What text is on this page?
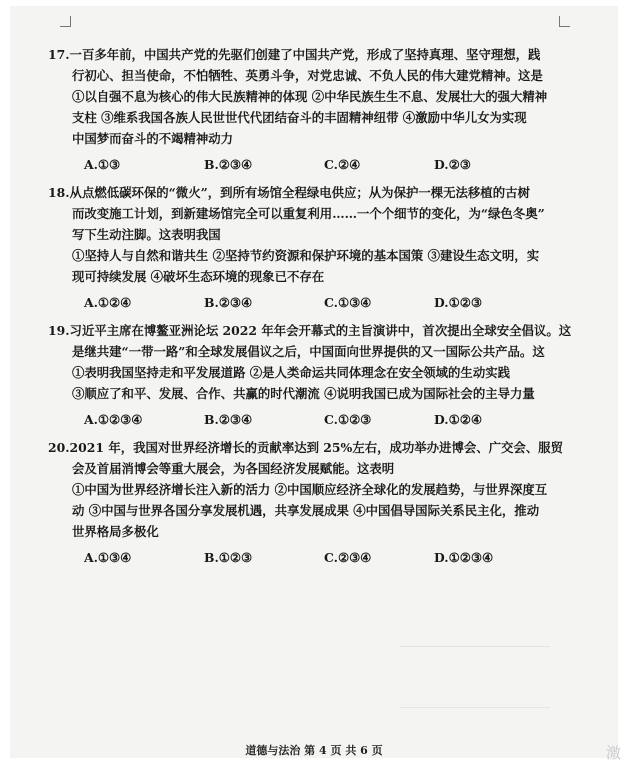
17.一百多年前，中国共产党的先驱们创建了中国共产党，形成了坚持真理、坚守理想，践
行初心、担当使命，不怕牺牲、英勇斗争，对党忠诚、不负人民的伟大建党精神。这是

①以自强不息为核心的伟大民族精神的体现 ②中华民族生生不息、发展壮大的强大精神
支柱 ③维系我国各族人民世世代代团结奋斗的丰固精神纽带 ④激励中华儿女为实现
中国梦而奋斗的不竭精神动力

A.①③	B.②③④	C.②④	D.②③

18.从点燃低碳环保的“微火”，到所有场馆全程绿电供应；从为保护一棵无法移植的古树
而改变施工计划，到新建场馆完全可以重复利用……一个个细节的变化，为“绿色冬奥”
写下生动注脚。这表明我国

①坚持人与自然和谐共生 ②坚持节约资源和保护环境的基本国策 ③建设生态文明，实
现可持续发展 ④破坏生态环境的现象已不存在

A.①②④	B.②③④	C.①③④	D.①②③

19.习近平主席在博鳌亚洲论坛 2022 年年会开幕式的主旨演讲中，首次提出全球安全倡议。这
是继共建“一带一路”和全球发展倡议之后，中国面向世界提供的又一国际公共产品。这

①表明我国坚持走和平发展道路 ②是人类命运共同体理念在安全领域的生动实践
③顺应了和平、发展、合作、共赢的时代潮流 ④说明我国已成为国际社会的主导力量

A.①②③④	B.②③④	C.①②③	D.①②④

20.2021 年，我国对世界经济增长的贡献率达到 25%左右，成功举办进博会、广交会、服贸
会及首届消博会等重大展会，为各国经济发展赋能。这表明

①中国为世界经济增长注入新的活力 ②中国顺应经济全球化的发展趋势，与世界深度互
动 ③中国与世界各国分享发展机遇，共享发展成果 ④中国倡导国际关系民主化，推动
世界格局多极化

A.①③④	B.①②③	C.②③④	D.①②③④
道德与法治 第 4 页 共 6 页	激
